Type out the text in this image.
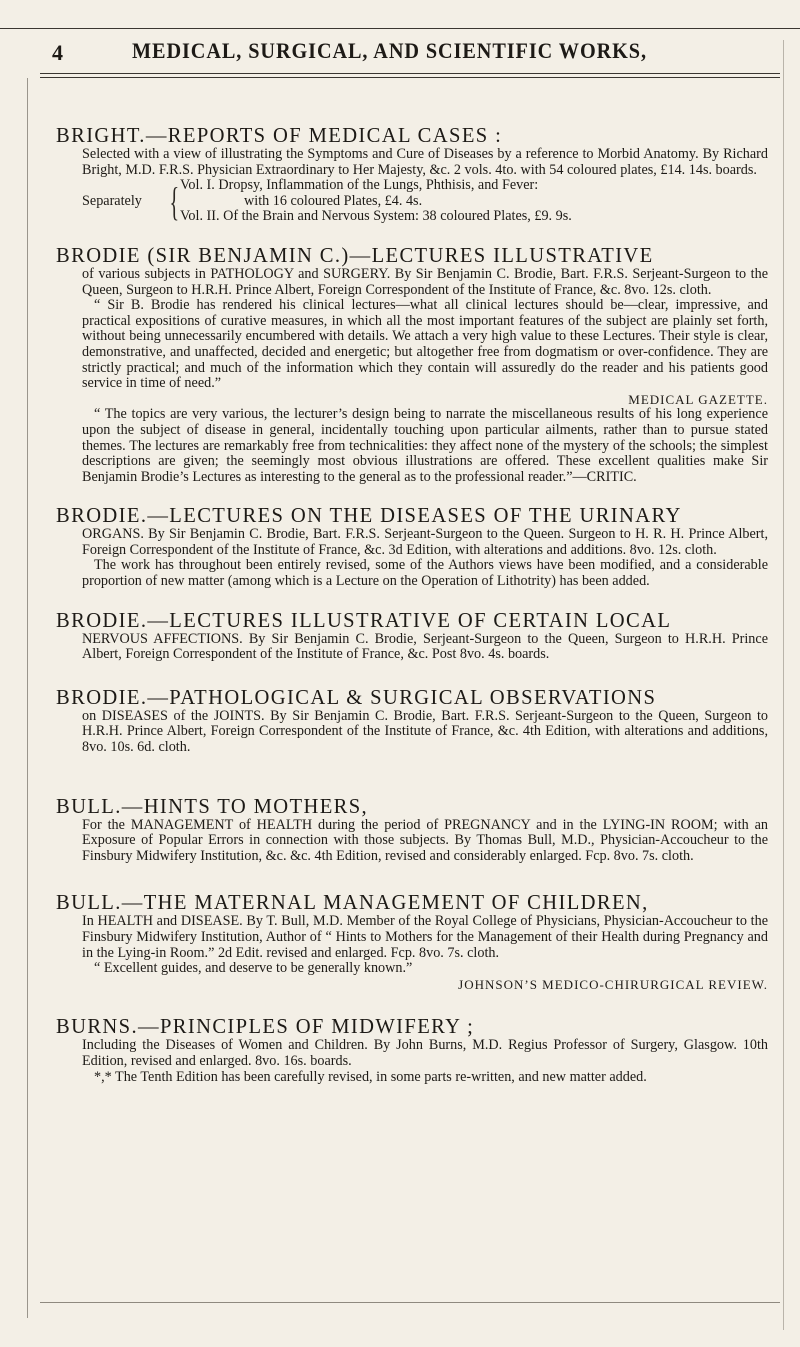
4	MEDICAL, SURGICAL, AND SCIENTIFIC WORKS,
BRIGHT.—REPORTS OF MEDICAL CASES :

Selected with a view of illustrating the Symptoms and Cure of Diseases by a reference to Morbid Anatomy. By Richard Bright, M.D. F.R.S. Physician Extraordinary to Her Majesty, &c. 2 vols. 4to. with 54 coloured plates, £14. 14s. boards.

Separately { Vol. I. Dropsy, Inflammation of the Lungs, Phthisis, and Fever:
with 16 coloured Plates, £4. 4s.
Vol. II. Of the Brain and Nervous System: 38 coloured Plates, £9. 9s.
BRODIE (SIR BENJAMIN C.)—LECTURES ILLUSTRATIVE

of various subjects in PATHOLOGY and SURGERY. By Sir Benjamin C. Brodie, Bart. F.R.S. Serjeant-Surgeon to the Queen, Surgeon to H.R.H. Prince Albert, Foreign Correspondent of the Institute of France, &c. 8vo. 12s. cloth.

“ Sir B. Brodie has rendered his clinical lectures—what all clinical lectures should be—clear, impressive, and practical expositions of curative measures, in which all the most important features of the subject are plainly set forth, without being unnecessarily encumbered with details. We attach a very high value to these Lectures. Their style is clear, demonstrative, and unaffected, decided and energetic; but altogether free from dogmatism or over-confidence. They are strictly practical; and much of the information which they contain will assuredly do the reader and his patients good service in time of need.”

MEDICAL GAZETTE.

“ The topics are very various, the lecturer’s design being to narrate the miscellaneous results of his long experience upon the subject of disease in general, incidentally touching upon particular ailments, rather than to pursue stated themes. The lectures are remarkably free from technicalities: they affect none of the mystery of the schools; the simplest descriptions are given; the seemingly most obvious illustrations are offered. These excellent qualities make Sir Benjamin Brodie’s Lectures as interesting to the general as to the professional reader.”—CRITIC.

BRODIE.—LECTURES ON THE DISEASES OF THE URINARY

ORGANS. By Sir Benjamin C. Brodie, Bart. F.R.S. Serjeant-Surgeon to the Queen. Surgeon to H. R. H. Prince Albert, Foreign Correspondent of the Institute of France, &c. 3d Edition, with alterations and additions. 8vo. 12s. cloth.

The work has throughout been entirely revised, some of the Authors views have been modified, and a considerable proportion of new matter (among which is a Lecture on the Operation of Lithotrity) has been added.

BRODIE.—LECTURES ILLUSTRATIVE OF CERTAIN LOCAL

NERVOUS AFFECTIONS. By Sir Benjamin C. Brodie, Serjeant-Surgeon to the Queen, Surgeon to H.R.H. Prince Albert, Foreign Correspondent of the Institute of France, &c. Post 8vo. 4s. boards.

BRODIE.—PATHOLOGICAL & SURGICAL OBSERVATIONS

on DISEASES of the JOINTS. By Sir Benjamin C. Brodie, Bart. F.R.S. Serjeant-Surgeon to the Queen, Surgeon to H.R.H. Prince Albert, Foreign Correspondent of the Institute of France, &c. 4th Edition, with alterations and additions, 8vo. 10s. 6d. cloth.

BULL.—HINTS TO MOTHERS,

For the MANAGEMENT of HEALTH during the period of PREGNANCY and in the LYING-IN ROOM; with an Exposure of Popular Errors in connection with those subjects. By Thomas Bull, M.D., Physician-Accoucheur to the Finsbury Midwifery Institution, &c. &c. 4th Edition, revised and considerably enlarged. Fcp. 8vo. 7s. cloth.

BULL.—THE MATERNAL MANAGEMENT OF CHILDREN,

In HEALTH and DISEASE. By T. Bull, M.D. Member of the Royal College of Physicians, Physician-Accoucheur to the Finsbury Midwifery Institution, Author of “ Hints to Mothers for the Management of their Health during Pregnancy and in the Lying-in Room.” 2d Edit. revised and enlarged. Fcp. 8vo. 7s. cloth.

“ Excellent guides, and deserve to be generally known.”

JOHNSON’S MEDICO-CHIRURGICAL REVIEW.
BURNS.—PRINCIPLES OF MIDWIFERY ;

Including the Diseases of Women and Children. By John Burns, M.D. Regius Professor of Surgery, Glasgow. 10th Edition, revised and enlarged. 8vo. 16s. boards.

*,* The Tenth Edition has been carefully revised, in some parts re-written, and new matter added.
